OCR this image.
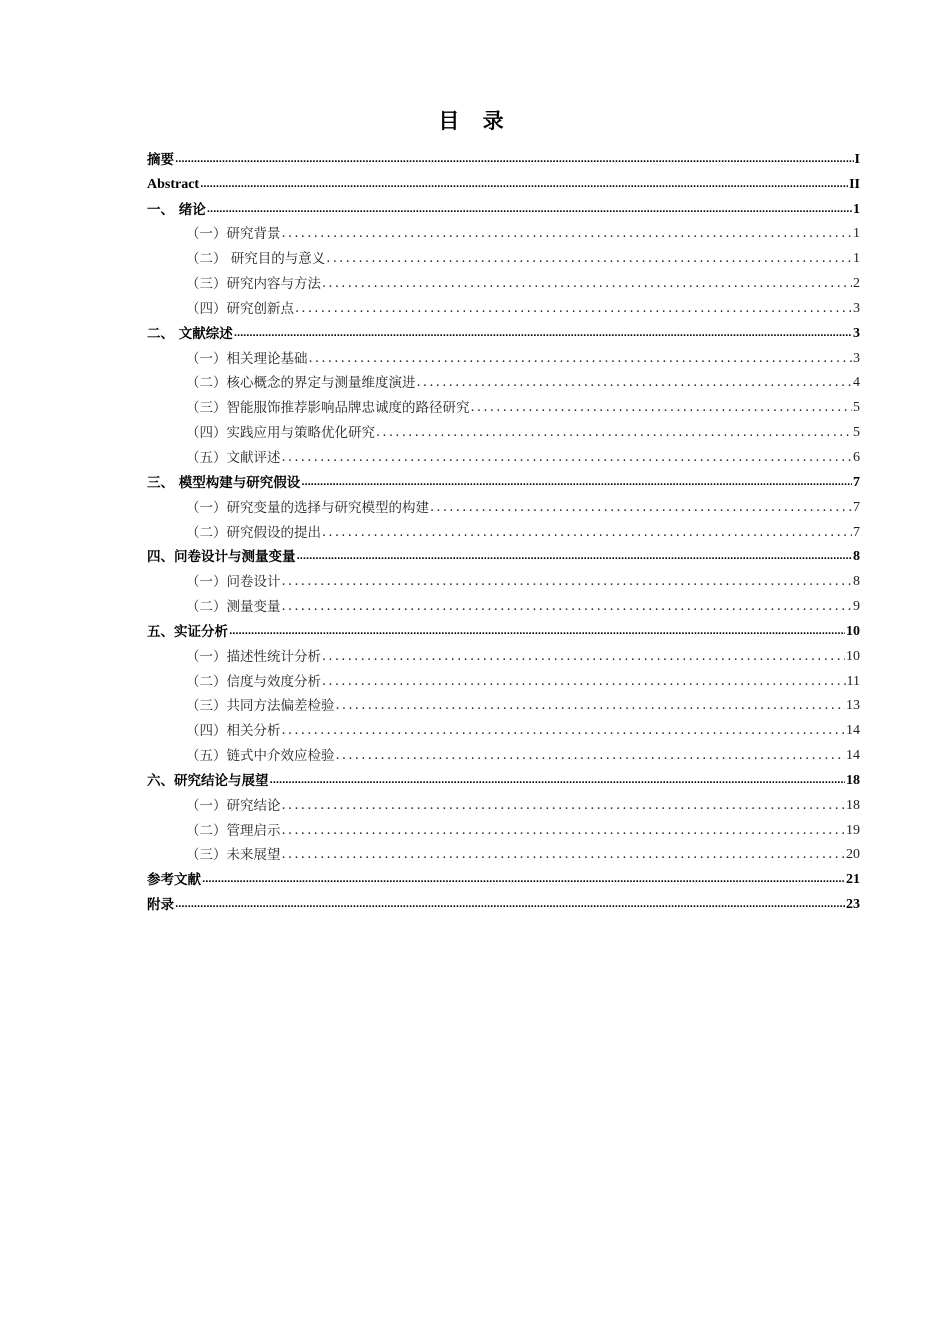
目 录
摘要 .....	I
Abstract .....	II
一、 绪论 .....	1
（一）研究背景 .....	1
（二） 研究目的与意义 .....	1
（三）研究内容与方法 .....	2
（四）研究创新点 .....	3
二、 文献综述 .....	3
（一）相关理论基础 .....	3
（二）核心概念的界定与测量维度演进 .....	4
（三）智能服饰推荐影响品牌忠诚度的路径研究 .....	5
（四）实践应用与策略优化研究 .....	5
（五）文献评述 .....	6
三、 模型构建与研究假设 .....	7
（一）研究变量的选择与研究模型的构建 .....	7
（二）研究假设的提出 .....	7
四、问卷设计与测量变量 .....	8
（一）问卷设计 .....	8
（二）测量变量 .....	9
五、实证分析 .....	10
（一）描述性统计分析 .....	10
（二）信度与效度分析 .....	11
（三）共同方法偏差检验 .....	13
（四）相关分析 .....	14
（五）链式中介效应检验 .....	14
六、研究结论与展望 .....	18
（一）研究结论 .....	18
（二）管理启示 .....	19
（三）未来展望 .....	20
参考文献 .....	21
附录 .....	23
